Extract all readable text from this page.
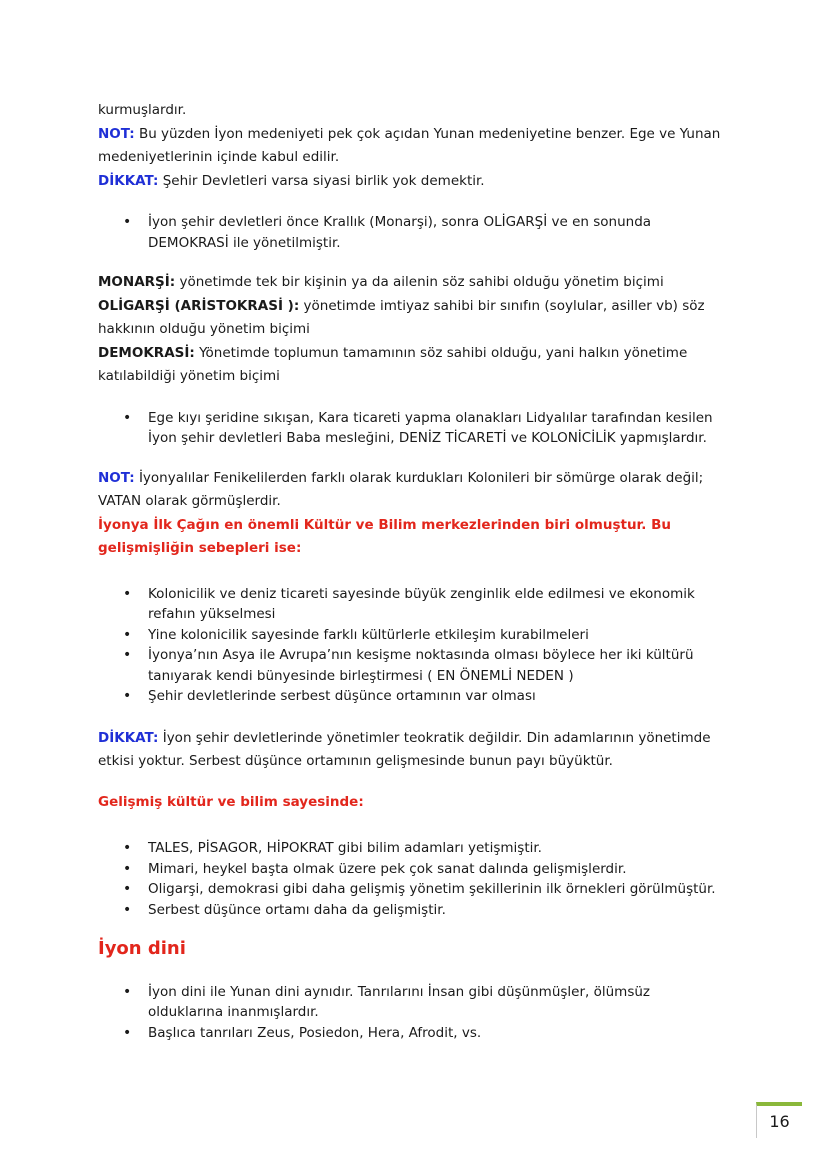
kurmuşlardır.

NOT: Bu yüzden İyon medeniyeti pek çok açıdan Yunan medeniyetine benzer. Ege ve Yunan medeniyetlerinin içinde kabul edilir.

DİKKAT: Şehir Devletleri varsa siyasi birlik yok demektir.

• İyon şehir devletleri önce Krallık (Monarşi), sonra OLİGARŞİ ve en sonunda DEMOKRASİ ile yönetilmiştir.

MONARŞİ: yönetimde tek bir kişinin ya da ailenin söz sahibi olduğu yönetim biçimi

OLİGARŞİ (ARİSTOKRASİ ): yönetimde imtiyaz sahibi bir sınıfın (soylular, asiller vb) söz hakkının olduğu yönetim biçimi

DEMOKRASİ: Yönetimde toplumun tamamının söz sahibi olduğu, yani halkın yönetime katılabildiği yönetim biçimi

• Ege kıyı şeridine sıkışan, Kara ticareti yapma olanakları Lidyalılar tarafından kesilen İyon şehir devletleri Baba mesleğini, DENİZ TİCARETİ ve KOLONİCİLİK yapmışlardır.

NOT: İyonyalılar Fenikelilerden farklı olarak kurdukları Kolonileri bir sömürge olarak değil; VATAN olarak görmüşlerdir.

İyonya İlk Çağın en önemli Kültür ve Bilim merkezlerinden biri olmuştur. Bu gelişmişliğin sebepleri ise:

• Kolonicilik ve deniz ticareti sayesinde büyük zenginlik elde edilmesi ve ekonomik refahın yükselmesi
• Yine kolonicilik sayesinde farklı kültürlerle etkileşim kurabilmeleri
• İyonya’nın Asya ile Avrupa’nın kesişme noktasında olması böylece her iki kültürü tanıyarak kendi bünyesinde birleştirmesi ( EN ÖNEMLİ NEDEN )
• Şehir devletlerinde serbest düşünce ortamının var olması

DİKKAT: İyon şehir devletlerinde yönetimler teokratik değildir. Din adamlarının yönetimde etkisi yoktur. Serbest düşünce ortamının gelişmesinde bunun payı büyüktür.

Gelişmiş kültür ve bilim sayesinde:

• TALES, PİSAGOR, HİPOKRAT gibi bilim adamları yetişmiştir.
• Mimari, heykel başta olmak üzere pek çok sanat dalında gelişmişlerdir.
• Oligarşi, demokrasi gibi daha gelişmiş yönetim şekillerinin ilk örnekleri görülmüştür.
• Serbest düşünce ortamı daha da gelişmiştir.

İyon dini

• İyon dini ile Yunan dini aynıdır. Tanrılarını İnsan gibi düşünmüşler, ölümsüz olduklarına inanmışlardır.
• Başlıca tanrıları Zeus, Posiedon, Hera, Afrodit, vs.
16
